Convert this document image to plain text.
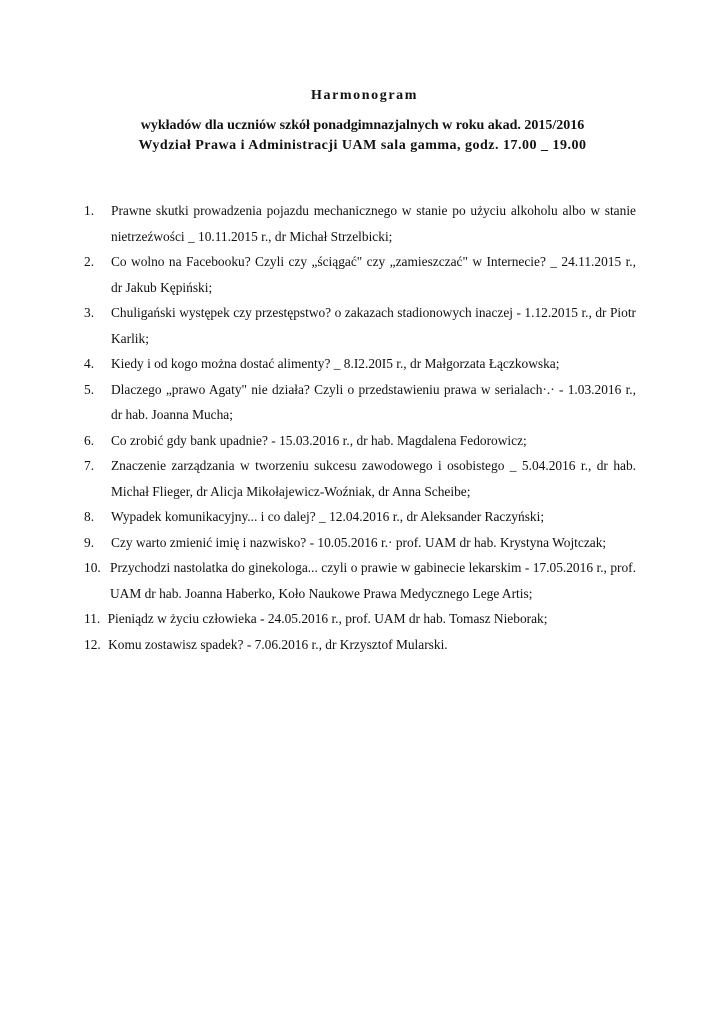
Harmonogram
wykładów dla uczniów szkół ponadgimnazjalnych w roku akad. 2015/2016
Wydział Prawa i Administracji UAM sala gamma, godz. 17.00 _ 19.00
1.	Prawne skutki prowadzenia pojazdu mechanicznego w stanie po użyciu alkoholu albo w stanie nietrzeźwości _ 10.11.2015 r., dr Michał Strzelbicki;
2.	Co wolno na Facebooku? Czyli czy „ściągać" czy „zamieszczać" w Internecie? _ 24.11.2015 r., dr Jakub Kępiński;
3.	Chuligański występek czy przestępstwo? o zakazach stadionowych inaczej - 1.12.2015 r., dr Piotr Karlik;
4.	Kiedy i od kogo można dostać alimenty? _ 8.I2.20I5 r., dr Małgorzata Łączkowska;
5.	Dlaczego „prawo Agaty" nie działa? Czyli o przedstawieniu prawa w serialach·.· - 1.03.2016 r., dr hab. Joanna Mucha;
6.	Co zrobić gdy bank upadnie? - 15.03.2016 r., dr hab. Magdalena Fedorowicz;
7.	Znaczenie zarządzania w tworzeniu sukcesu zawodowego i osobistego _ 5.04.2016 r., dr hab. Michał Flieger, dr Alicja Mikołajewicz-Woźniak, dr Anna Scheibe;
8.	Wypadek komunikacyjny... i co dalej? _ 12.04.2016 r., dr Aleksander Raczyński;
9.	Czy warto zmienić imię i nazwisko? - 10.05.2016 r.· prof. UAM dr hab. Krystyna Wojtczak;
10. Przychodzi nastolatka do ginekologa... czyli o prawie w gabinecie lekarskim - 17.05.2016 r., prof. UAM dr hab. Joanna Haberko, Koło Naukowe Prawa Medycznego Lege Artis;
11. Pieniądz w życiu człowieka - 24.05.2016 r., prof. UAM dr hab. Tomasz Nieborak;
12. Komu zostawisz spadek? - 7.06.2016 r., dr Krzysztof Mularski.
